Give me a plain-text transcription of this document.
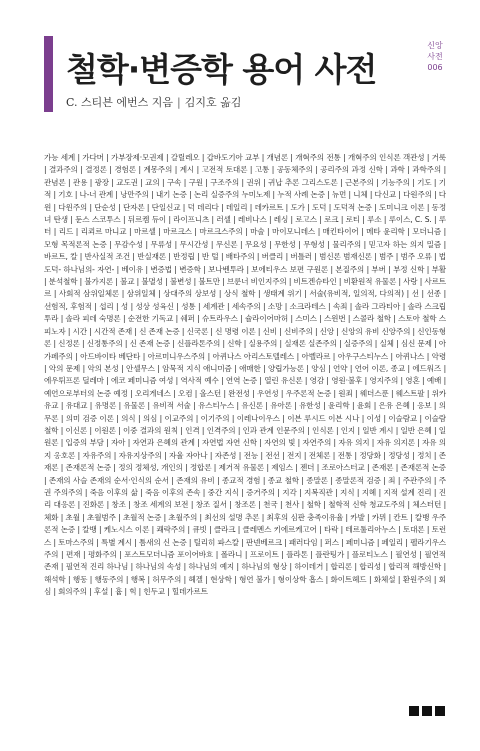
철학·변증학 용어 사전
신앙
사전
006
C. 스티븐 에번스 지음 | 김지호 옮김
가능 세계 | 가다머 | 가부장제·모권제 | 갈릴레오 | 갑바도기아 교부 | 개념론 | 개혁주의 전통 | 개혁주의 인식론 객관성 | 거룩 | 결과주의 | 결정론 | 경험론 | 계몽주의 | 계시 | 고전적 토대론 | 고통 | 공동체주의 | 공리주의 과정 신학 | 과학 | 과학주의 | 관념론 | 관용 | 광장 | 교도권 | 교의 | 구속 | 구원 | 구조주의 | 권위 | 귀납 추론 그리스도론 | 근본주의 | 기능주의 | 기도 | 기적 | 기호 | 나-너 관계 | 낭만주의 | 내기 논증 | 논리 실증주의 누미노제 | 누적 사례 논증 | 뉴먼 | 니체 | 다신교 | 다원주의 | 다윈 | 다윈주의 | 단순성 | 단자론 | 단일신교 | 덕 데리다 | 데일리 | 데카르트 | 도가 | 도덕 | 도덕적 논증 | 도미니크 이론 | 동정녀 탄생 | 둔스 스코투스 | 뒤르켐 듀이 | 라이프니츠 | 러셀 | 레비나스 | 레싱 | 로고스 | 로크 | 로티 | 루소 | 루이스, C. S. | 루터 | 리드 | 리쾨르 마니교 | 마르셀 | 마르크스 | 마르크스주의 | 마술 | 마이모니데스 | 매킨타이어 | 메타 윤리학 | 모더니즘 | 모형 목적론적 논증 | 무감수성 | 무류성 | 무시간성 | 무신론 | 무요성 | 무한성 | 무형성 | 물리주의 | 믿고자 하는 의지 밀즘 | 바르트, 칼 | 반사실적 조건 | 반실재론 | 반정립 | 반 털 | 배타주의 | 버클리 | 버틀러 | 범신론 범재신론 | 범주 | 범주 오류 | 법도덕- 하나님의- 자연- | 베이유 | 변증법 | 변증학 | 보나벤투라 | 보에티우스 보편 구원론 | 본질주의 | 부버 | 부정 신학 | 부활 | 분석철학 | 불가지론 | 불교 | 불멸성 | 불변성 | 불트만 | 브룬너 비인지주의 | 비트겐슈타인 | 비환원적 유물론 | 사랑 | 사르트르 | 사회적 삼위일체론 | 삼위일체 | 상대주의 상보성 | 상식 철학 | 생태계 위기 | 서술(유비적, 일의적, 다의적) | 선 | 선종 | 선험적, 후험적 | 섭리 | 성 | 성상 성육신 | 성통 | 세계관 | 세속주의 | 소망 | 소크라테스 | 속죄 | 솔라 그라티아 | 솔라 스크립투라 | 솔라 피데 숙명론 | 순전한 기독교 | 쉐퍼 | 슈트라우스 | 슐라이어마허 | 스미스 | 스윈번 | 스콜라 철학 | 스토아 철학 스피노자 | 시간 | 시간적 존재 | 신 존재 논증 | 신국론 | 신 명령 이론 | 신비 | 신비주의 | 신앙 | 신앙의 유비 신앙주의 | 신인동형론 | 신정론 | 신정통주의 | 신 존재 논증 | 신플라톤주의 | 신학 | 실용주의 | 실재론 실존주의 | 실증주의 | 실체 | 심신 문제 | 아가페주의 | 아드바이타 베단타 | 아르미니우스주의 | 아퀴나스 아리스토텔레스 | 아벨라르 | 아우구스티누스 | 아퀴나스 | 악령 | 악의 문제 | 악의 본성 | 안셀무스 | 암묵적 지식 애니미즘 | 애매한 | 양립가능론 | 양심 | 언약 | 언어 이론, 종교 | 에드워즈 | 에우튀프론 딜레마 | 에코 페미니즘 여성 | 역사적 예수 | 연역 논증 | 열린 유신론 | 영감 | 영원·불후 | 영지주의 | 영혼 | 예배 | 예언으로부터의 논증 예정 | 오리게네스 | 오컴 | 올스턴 | 완전성 | 우연성 | 우주론적 논증 | 원죄 | 웨더스푼 | 웨스트팔 | 위카 유교 | 유대교 | 유명론 | 유물론 | 유비적 서술 | 유스티누스 | 유신론 | 유아론 | 유한성 | 윤리학 | 윤회 | 은유 은혜 | 응보 | 의무론 | 의미 검증 이론 | 의식 | 의심 | 이교주의 | 이기주의 | 이레나이우스 | 이븐 루시드 이븐 시나 | 이성 | 이슬람교 | 이슬람 철학 | 이신론 | 이원론 | 이중 결과의 원칙 | 인격 | 인격주의 | 인과 관계 인문주의 | 인식론 | 인지 | 일반 계시 | 일반 은혜 | 일원론 | 입증의 부담 | 자아 | 자연과 은혜의 관계 | 자연법 자연 신학 | 자연의 빛 | 자연주의 | 자유 의지 | 자유 의지론 | 자유 의지 옹호론 | 자유주의 | 자유지상주의 | 자율 자아나 | 자존성 | 전능 | 전선 | 전지 | 전체론 | 전통 | 정당화 | 정당성 | 정치 | 존재론 | 존재론적 논증 | 정의 정체성, 개인의 | 정합론 | 제거적 유물론 | 제임스 | 젠더 | 조로아스터교 | 존재론 | 존재론적 논증 | 존재의 사슬 존재의 순서·인식의 순서 | 존재의 유비 | 종교적 경험 | 종교 철학 | 종말론 | 종말론적 검증 | 죄 | 주관주의 | 주권 주의주의 | 죽음 이후의 삶 | 죽음 이후의 존속 | 중간 지식 | 증거주의 | 지각 | 지복직관 | 지식 | 지혜 | 지적 설계 진리 | 진리 대응론 | 진화론 | 창조 | 창조 세계의 보전 | 창조 질서 | 창조론 | 천국 | 천사 | 철학 | 철학적 신학 청교도주의 | 체스터턴 | 체화 | 초월 | 초월범주 | 초월적 논증 | 초월주의 | 최선의 설명 추론 | 최후의 심판 충족이유율 | 카발 | 카뮈 | 칸트 | 칼뱅 우주론적 논증 | 칼뱅 | 케노시스 이론 | 쾌락주의 | 큐빗 | 클라크 | 클레멘스 키에르케고어 | 타락 | 테르툴리아누스 | 토대론 | 토런스 | 토마스주의 | 특별 계시 | 틈새의 신 논증 | 틸리히 파스칼 | 판넨베르크 | 패러다임 | 퍼스 | 페미니즘 | 페일리 | 펠라기우스주의 | 편재 | 평화주의 | 포스트모더니즘 포이어바흐 | 폴라니 | 프로이트 | 플라톤 | 플란팅가 | 플로티노스 | 필연성 | 필연적 존재 | 필연적 진리 하나님 | 하나님의 속성 | 하나님의 예지 | 하나님의 형상 | 하이데거 | 합리론 | 합리성 | 합리적 해방신학 | 해석학 | 행동 | 행동주의 | 행복 | 허무주의 | 헤겔 | 현상학 | 형언 불가 | 형이상학 흡스 | 화이트헤드 | 화체설 | 환원주의 | 회심 | 회의주의 | 후설 | 흄 | 힉 | 힌두교 | 힐데가르트
